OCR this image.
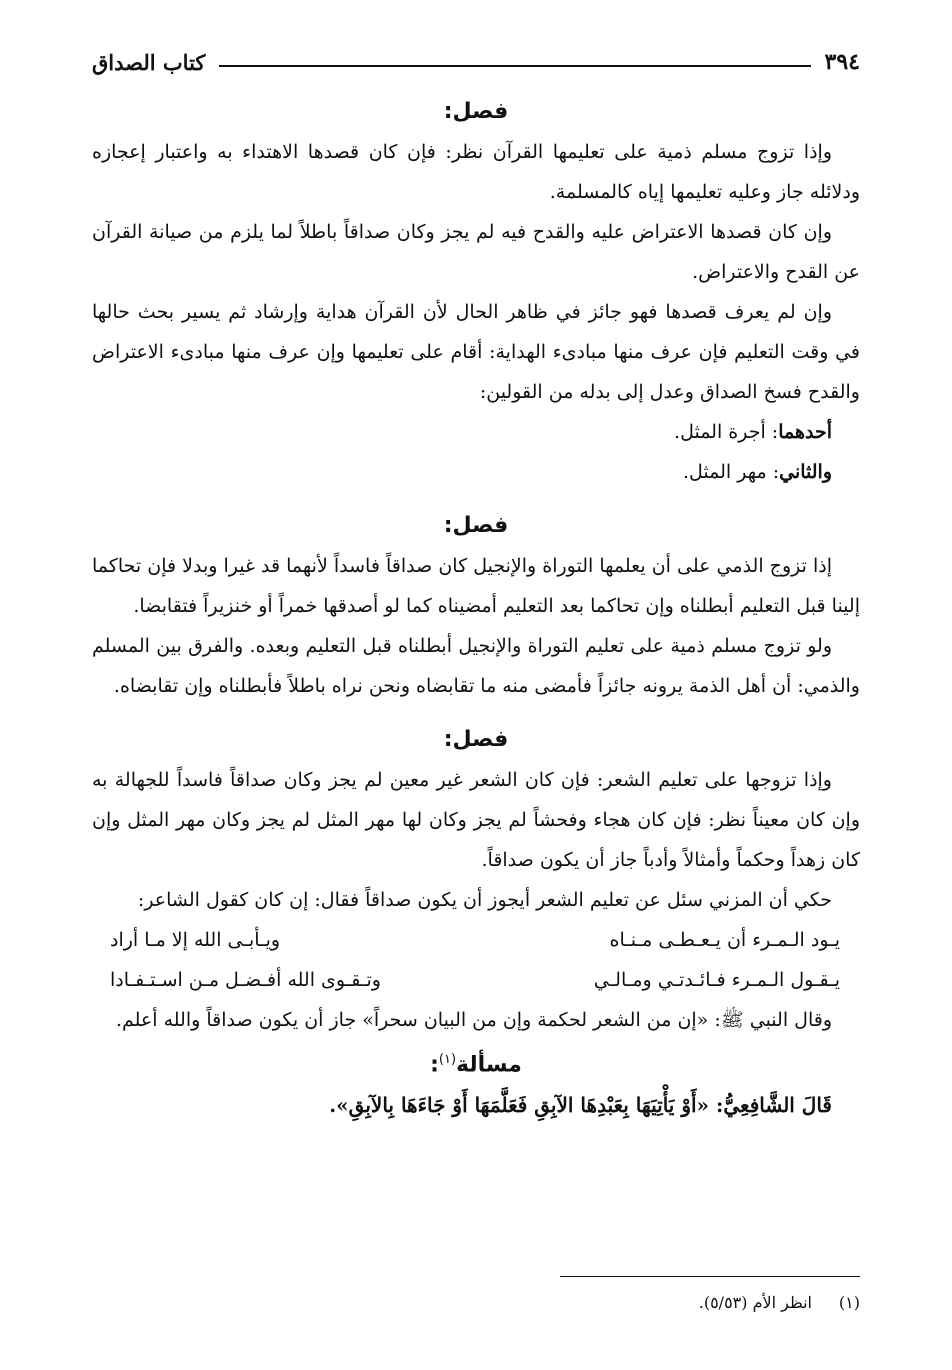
٣٩٤
كتاب الصداق
فصل:

وإذا تزوج مسلم ذمية على تعليمها القرآن نظر: فإن كان قصدها الاهتداء به واعتبار إعجازه ودلائله جاز وعليه تعليمها إياه كالمسلمة.

وإن كان قصدها الاعتراض عليه والقدح فيه لم يجز وكان صداقاً باطلاً لما يلزم من صيانة القرآن عن القدح والاعتراض.

وإن لم يعرف قصدها فهو جائز في ظاهر الحال لأن القرآن هداية وإرشاد ثم يسير بحث حالها في وقت التعليم فإن عرف منها مبادىء الهداية: أقام على تعليمها وإن عرف منها مبادىء الاعتراض والقدح فسخ الصداق وعدل إلى بدله من القولين:

أحدهما: أجرة المثل.

والثاني: مهر المثل.

فصل:

إذا تزوج الذمي على أن يعلمها التوراة والإنجيل كان صداقاً فاسداً لأنهما قد غيرا وبدلا فإن تحاكما إلينا قبل التعليم أبطلناه وإن تحاكما بعد التعليم أمضيناه كما لو أصدقها خمراً أو خنزيراً فتقابضا.

ولو تزوج مسلم ذمية على تعليم التوراة والإنجيل أبطلناه قبل التعليم وبعده. والفرق بين المسلم والذمي: أن أهل الذمة يرونه جائزاً فأمضى منه ما تقابضاه ونحن نراه باطلاً فأبطلناه وإن تقابضاه.

فصل:

وإذا تزوجها على تعليم الشعر: فإن كان الشعر غير معين لم يجز وكان صداقاً فاسداً للجهالة به وإن كان معيناً نظر: فإن كان هجاء وفحشاً لم يجز وكان لها مهر المثل لم يجز وكان مهر المثل وإن كان زهداً وحكماً وأمثالاً وأدباً جاز أن يكون صداقاً.

حكي أن المزني سئل عن تعليم الشعر أيجوز أن يكون صداقاً فقال: إن كان كقول الشاعر:

يـود الـمـرء أن يـعـطـى مـنـاه
ويـأبـى الله إلا مـا أراد
يـقـول الـمـرء فـائـدتـي ومـالـي
وتـقـوى الله أفـضـل مـن اسـتـفـادا

وقال النبي ﷺ: «إن من الشعر لحكمة وإن من البيان سحراً» جاز أن يكون صداقاً والله أعلم.

مسألة$^{(١)}$:

قَالَ الشَّافِعِيُّ: «أَوْ يَأْتِيَهَا بِعَبْدِهَا الآبِقِ فَعَلَّمَهَا أَوْ جَاءَهَا بِالآبِقِ».

(١)انظر الأم (٥/٥٣).
